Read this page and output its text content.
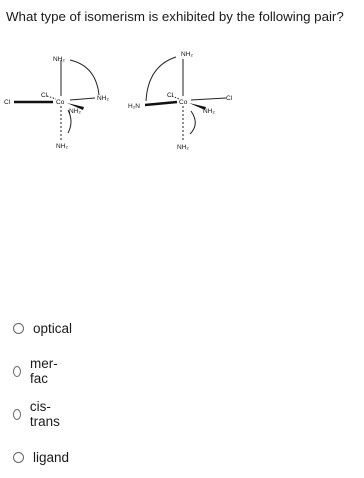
What type of isomerism is exhibited by the following pair?
NH₂
Co
Cl
Cl	NH₂
NH₂
NH₂
NH₂
Co
H₂N
Cl	Cl
NH₂
NH₂
optical
mer-fac
cis-trans
ligand
